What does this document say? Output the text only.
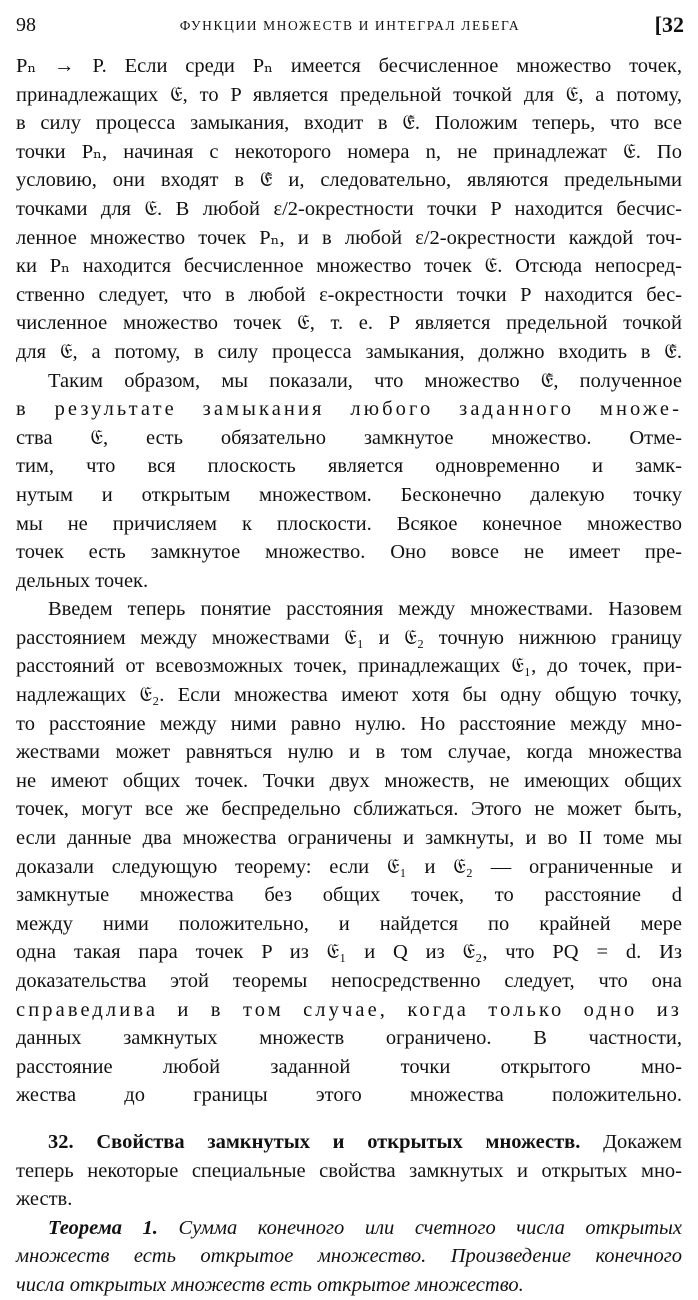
98	ФУНКЦИИ МНОЖЕСТВ И ИНТЕГРАЛ ЛЕБЕГА	[32
Pₙ → P. Если среди Pₙ имеется бесчисленное множество точек,
принадлежащих 𝔈, то P является предельной точкой для 𝔈, а потому,
в силу процесса замыкания, входит в 𝔈̄. Положим теперь, что все
точки Pₙ, начиная с некоторого номера n, не принадлежат 𝔈. По
условию, они входят в 𝔈̄ и, следовательно, являются предельными
точками для 𝔈. В любой ε/2-окрестности точки P находится бесчис-
ленное множество точек Pₙ, и в любой ε/2-окрестности каждой точ-
ки Pₙ находится бесчисленное множество точек 𝔈. Отсюда непосред-
ственно следует, что в любой ε-окрестности точки P находится бес-
численное множество точек 𝔈, т. е. P является предельной точкой
для 𝔈, а потому, в силу процесса замыкания, должно входить в 𝔈̄.
Таким образом, мы показали, что множество 𝔈̄, полученное
в результате замыкания любого заданного множе-
ства 𝔈, есть обязательно замкнутое множество. Отме-
тим, что вся плоскость является одновременно и замк-
нутым и открытым множеством. Бесконечно далекую точку
мы не причисляем к плоскости. Всякое конечное множество
точек есть замкнутое множество. Оно вовсе не имеет пре-
дельных точек.
Введем теперь понятие расстояния между множествами. Назовем
расстоянием между множествами 𝔈₁ и 𝔈₂ точную нижнюю границу
расстояний от всевозможных точек, принадлежащих 𝔈₁, до точек, при-
надлежащих 𝔈₂. Если множества имеют хотя бы одну общую точку,
то расстояние между ними равно нулю. Но расстояние между мно-
жествами может равняться нулю и в том случае, когда множества
не имеют общих точек. Точки двух множеств, не имеющих общих
точек, могут все же беспредельно сближаться. Этого не может быть,
если данные два множества ограничены и замкнуты, и во II томе мы
доказали следующую теорему: если 𝔈₁ и 𝔈₂ — ограниченные и
замкнутые множества без общих точек, то расстояние d
между ними положительно, и найдется по крайней мере
одна такая пара точек P из 𝔈₁ и Q из 𝔈₂, что PQ = d. Из
доказательства этой теоремы непосредственно следует, что она
справедлива и в том случае, когда только одно из
данных замкнутых множеств ограничено. В частности,
расстояние любой заданной точки открытого мно-
жества до границы этого множества положительно.
32. Свойства замкнутых и открытых множеств. Докажем
теперь некоторые специальные свойства замкнутых и открытых мно-
жеств.
Теорема 1. Сумма конечного или счетного числа открытых
множеств есть открытое множество. Произведение конечного
числа открытых множеств есть открытое множество.
